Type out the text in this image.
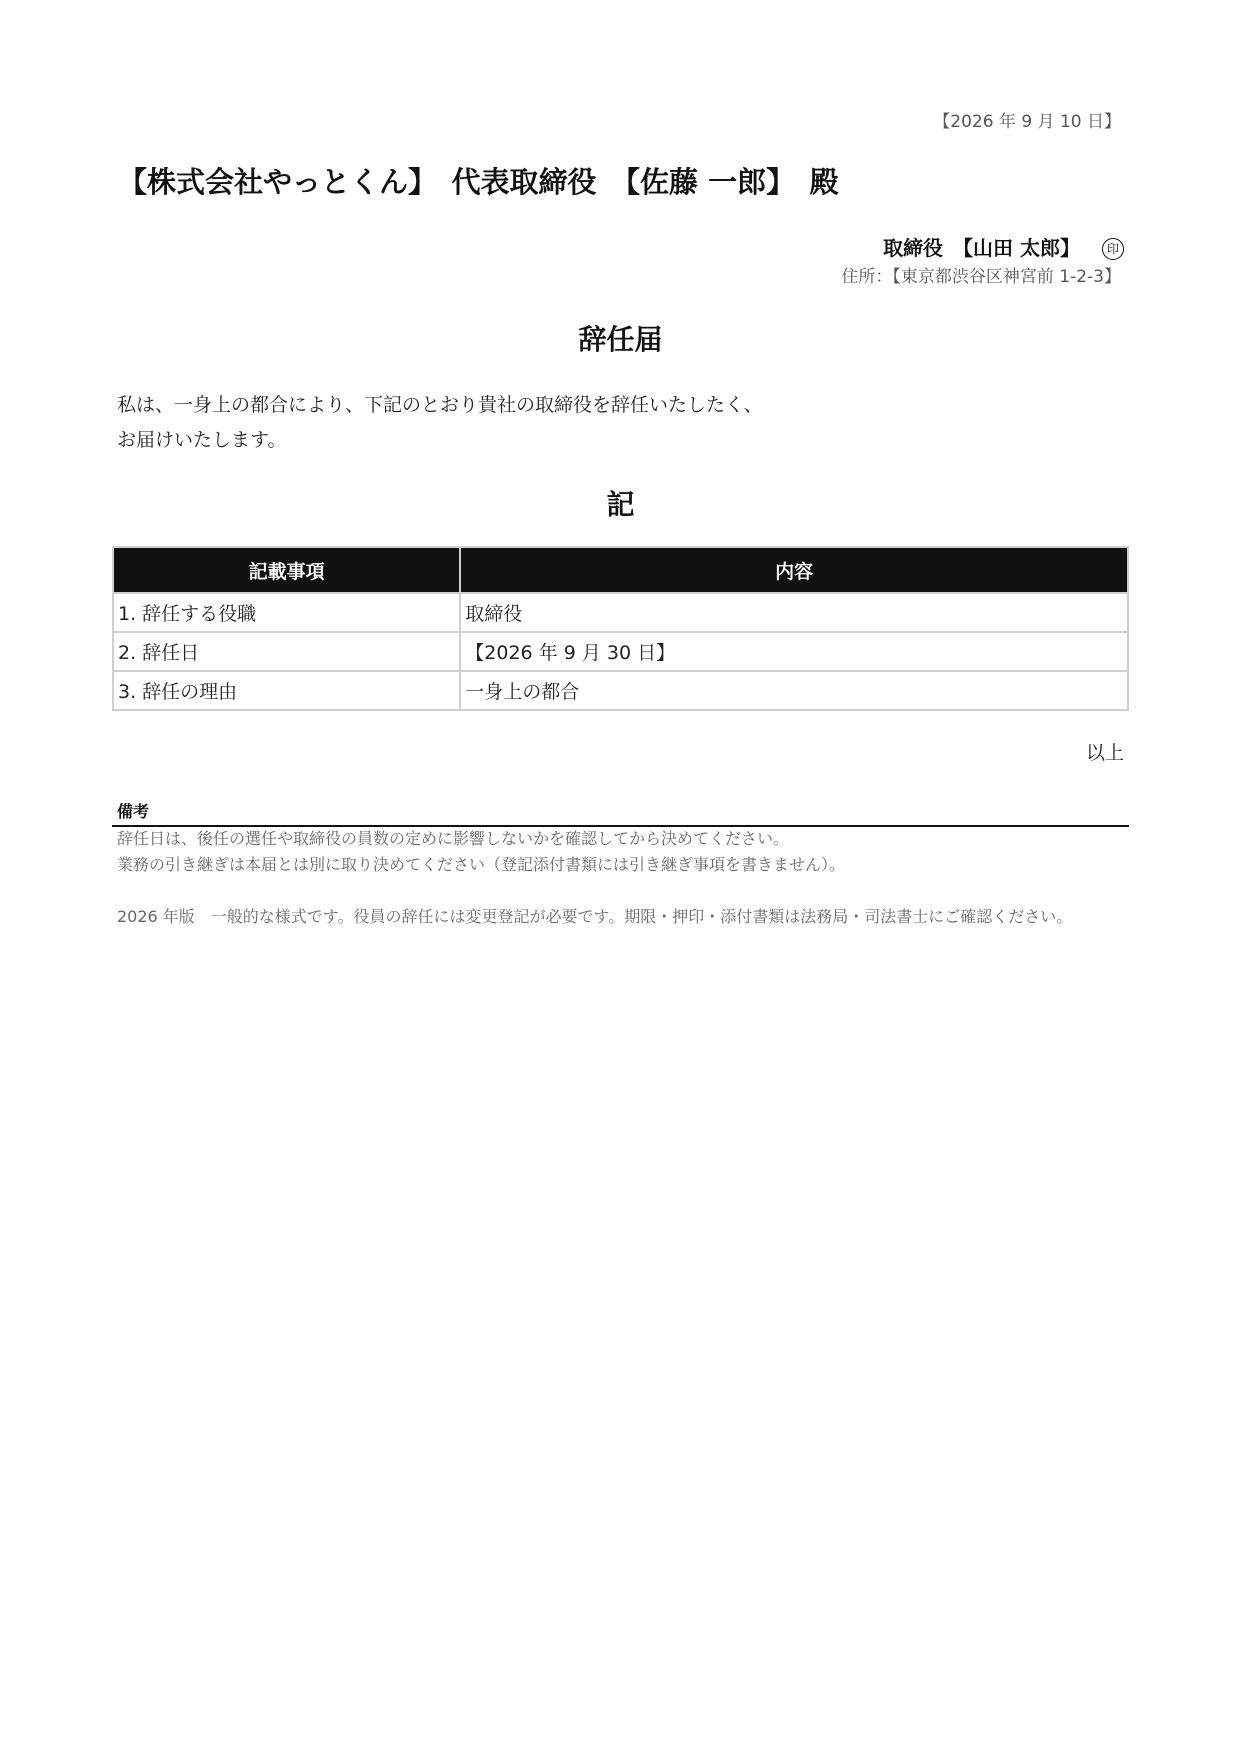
【2026 年 9 月 10 日】
【株式会社やっとくん】　代表取締役　【佐藤 一郎】　殿
取締役　【山田 太郎】 印
住所：【東京都渋谷区神宮前 1-2-3】
辞任届
私は、一身上の都合により、下記のとおり貴社の取締役を辞任いたしたく、
お届けいたします。
記
記載事項	内容
1. 辞任する役職	取締役
2. 辞任日	【2026 年 9 月 30 日】
3. 辞任の理由	一身上の都合
以上
備考
辞任日は、後任の選任や取締役の員数の定めに影響しないかを確認してから決めてください。
業務の引き継ぎは本届とは別に取り決めてください（登記添付書類には引き継ぎ事項を書きません）。
2026 年版　一般的な様式です。役員の辞任には変更登記が必要です。期限・押印・添付書類は法務局・司法書士にご確認ください。
